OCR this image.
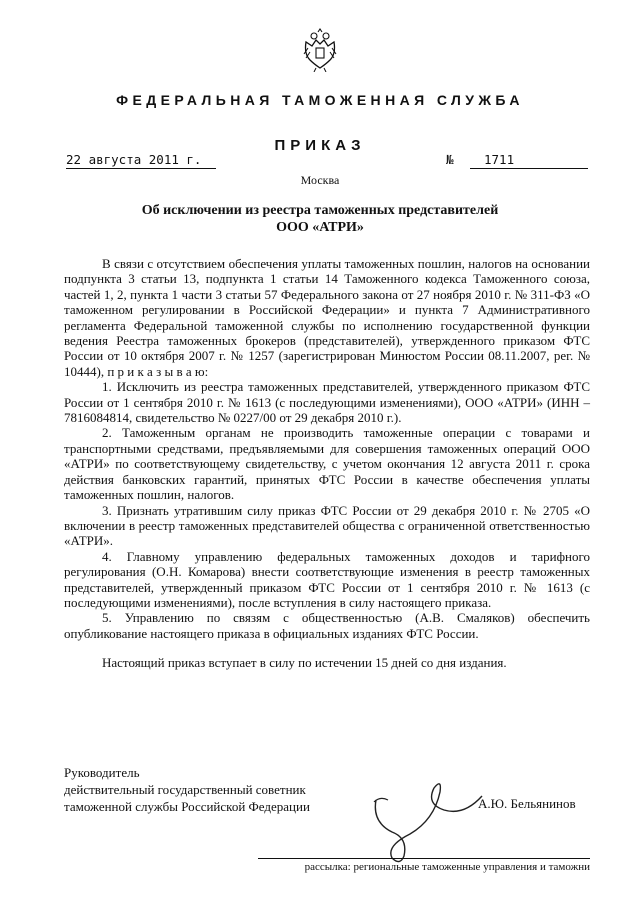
ФЕДЕРАЛЬНАЯ ТАМОЖЕННАЯ СЛУЖБА
ПРИКАЗ
22 августа 2011 г.	№	1711
Москва
Об исключении из реестра таможенных представителей
ООО «АТРИ»

В связи с отсутствием обеспечения уплаты таможенных пошлин, налогов на основании подпункта 3 статьи 13, подпункта 1 статьи 14 Таможенного кодекса Таможенного союза, частей 1, 2, пункта 1 части 3 статьи 57 Федерального закона от 27 ноября 2010 г. № 311-ФЗ «О таможенном регулировании в Российской Федерации» и пункта 7 Административного регламента Федеральной таможенной службы по исполнению государственной функции ведения Реестра таможенных брокеров (представителей), утвержденного приказом ФТС России от 10 октября 2007 г. № 1257 (зарегистрирован Минюстом России 08.11.2007, рег. № 10444), п р и к а з ы в а ю:

1. Исключить из реестра таможенных представителей, утвержденного приказом ФТС России от 1 сентября 2010 г. № 1613 (с последующими изменениями), ООО «АТРИ» (ИНН – 7816084814, свидетельство № 0227/00 от 29 декабря 2010 г.).

2. Таможенным органам не производить таможенные операции с товарами и транспортными средствами, предъявляемыми для совершения таможенных операций ООО «АТРИ» по соответствующему свидетельству, с учетом окончания 12 августа 2011 г. срока действия банковских гарантий, принятых ФТС России в качестве обеспечения уплаты таможенных пошлин, налогов.

3. Признать утратившим силу приказ ФТС России от 29 декабря 2010 г. № 2705 «О включении в реестр таможенных представителей общества с ограниченной ответственностью «АТРИ».

4. Главному управлению федеральных таможенных доходов и тарифного регулирования (О.Н. Комарова) внести соответствующие изменения в реестр таможенных представителей, утвержденный приказом ФТС России от 1 сентября 2010 г. № 1613 (с последующими изменениями), после вступления в силу настоящего приказа.

5. Управлению по связям с общественностью (А.В. Смаляков) обеспечить опубликование настоящего приказа в официальных изданиях ФТС России.

Настоящий приказ вступает в силу по истечении 15 дней со дня издания.

Руководитель
действительный государственный советник
таможенной службы Российской Федерации	А.Ю. Бельянинов
рассылка: региональные таможенные управления и таможни
